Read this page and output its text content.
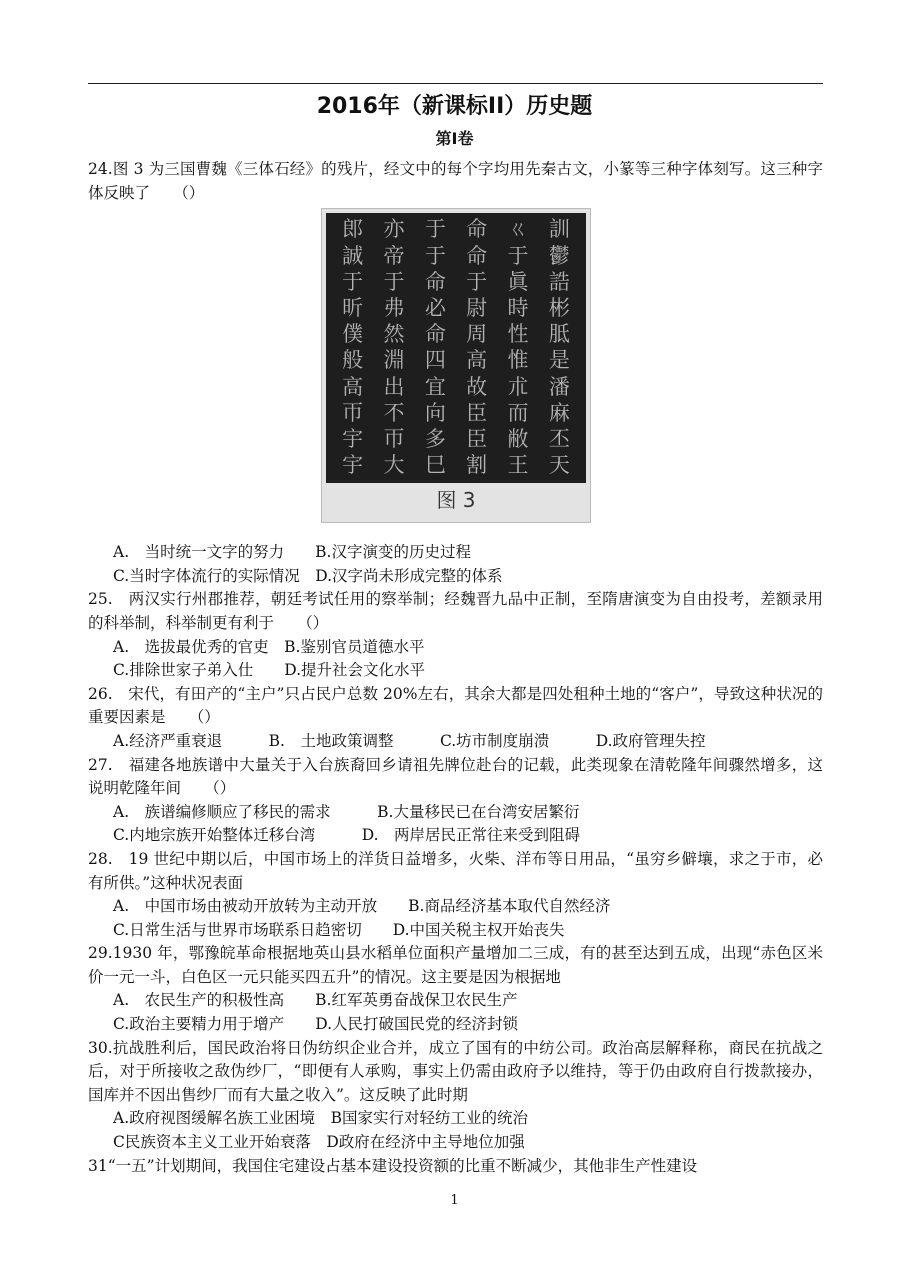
2016年（新课标II）历史题
第Ⅰ卷

24.图 3 为三国曹魏《三体石经》的残片，经文中的每个字均用先秦古文，小篆等三种字体刻写。这三种字体反映了　　（）

郎 亦 于 命 ㄍ 訓
誠 帝 于 命 于 鬱
于 于 命 于 眞 誥
昕 弗 必 尉 時 彬
僕 然 命 周 性 胝
般 淵 四 高 惟 是
高 出 宜 故 朮 潘
帀 不 向 臣 而 麻
宇 帀 多 臣 敝 丕
宇 大 巳 割 王 天
图 3
A.　当时统一文字的努力　　B.汉字演变的历史过程
C.当时字体流行的实际情况　D.汉字尚未形成完整的体系

25.　两汉实行州郡推荐，朝廷考试任用的察举制；经魏晋九品中正制，至隋唐演变为自由投考，差额录用的科举制，科举制更有利于　　（）

A.　选拔最优秀的官吏　B.鉴别官员道德水平
C.排除世家子弟入仕　　D.提升社会文化水平

26.　宋代，有田产的“主户”只占民户总数 20%左右，其余大都是四处租种土地的“客户”，导致这种状况的重要因素是　　（）

A.经济严重衰退　　　B.　土地政策调整　　　C.坊市制度崩溃　　　D.政府管理失控

27.　福建各地族谱中大量关于入台族裔回乡请祖先牌位赴台的记载，此类现象在清乾隆年间骤然增多，这说明乾隆年间　　（）

A.　族谱编修顺应了移民的需求　　　B.大量移民已在台湾安居繁衍
C.内地宗族开始整体迁移台湾　　　D.　两岸居民正常往来受到阻碍

28.　19 世纪中期以后，中国市场上的洋货日益增多，火柴、洋布等日用品，“虽穷乡僻壤，求之于市，必有所供。”这种状况表面

A.　中国市场由被动开放转为主动开放　　B.商品经济基本取代自然经济
C.日常生活与世界市场联系日趋密切　　D.中国关税主权开始丧失

29.1930 年，鄂豫皖革命根据地英山县水稻单位面积产量增加二三成，有的甚至达到五成，出现“赤色区米价一元一斗，白色区一元只能买四五升”的情况。这主要是因为根据地

A.　农民生产的积极性高　　B.红军英勇奋战保卫农民生产
C.政治主要精力用于增产　　D.人民打破国民党的经济封锁

30.抗战胜利后，国民政治将日伪纺织企业合并，成立了国有的中纺公司。政治高层解释称，商民在抗战之后，对于所接收之敌伪纱厂，“即便有人承购，事实上仍需由政府予以维持，等于仍由政府自行拨款接办，国库并不因出售纱厂而有大量之收入”。这反映了此时期

A.政府视图缓解名族工业困境　B国家实行对轻纺工业的统治
C民族资本主义工业开始衰落　D政府在经济中主导地位加强

31“一五”计划期间，我国住宅建设占基本建设投资额的比重不断减少，其他非生产性建设

1
